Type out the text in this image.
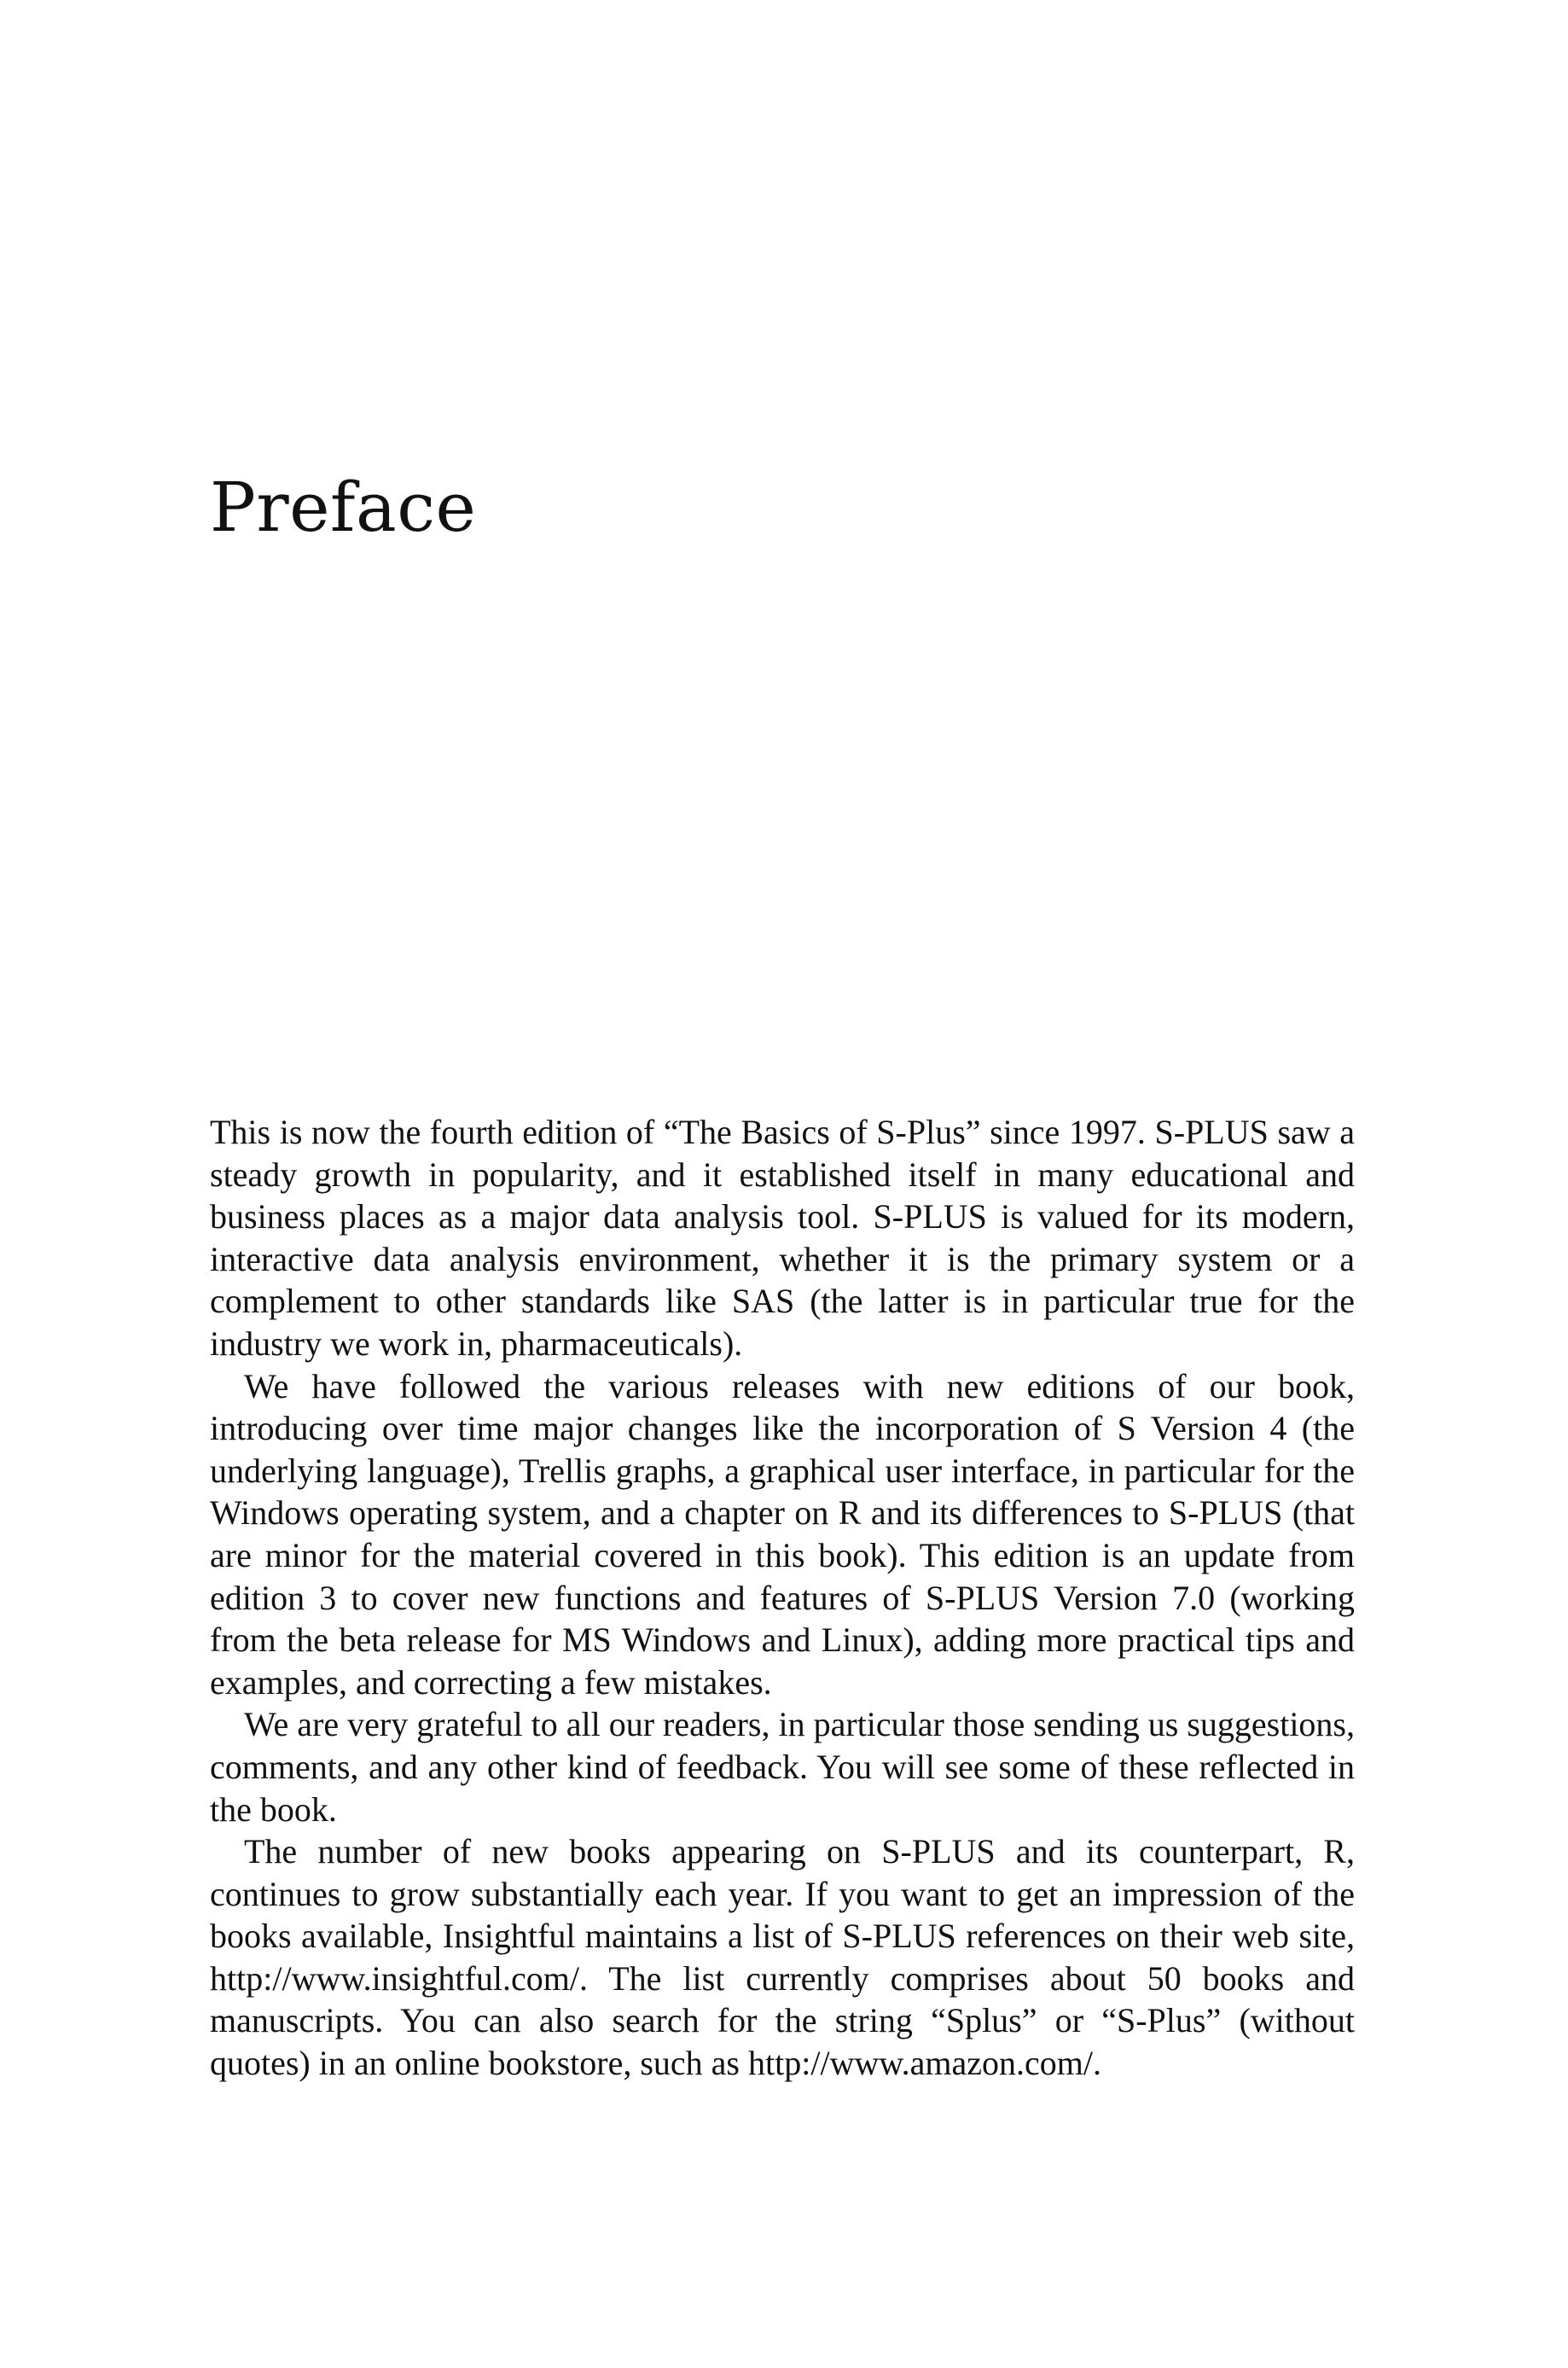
Preface

This is now the fourth edition of “The Basics of S-Plus” since 1997. S-PLUS saw a steady growth in popularity, and it established itself in many educational and business places as a major data analysis tool. S-PLUS is valued for its modern, interactive data analysis environment, whether it is the primary system or a complement to other standards like SAS (the latter is in particular true for the industry we work in, pharmaceuticals).

We have followed the various releases with new editions of our book, introducing over time major changes like the incorporation of S Version 4 (the underlying language), Trellis graphs, a graphical user interface, in particular for the Windows operating system, and a chapter on R and its differences to S-PLUS (that are minor for the material covered in this book). This edition is an update from edition 3 to cover new functions and features of S-PLUS Version 7.0 (working from the beta release for MS Windows and Linux), adding more practical tips and examples, and correcting a few mistakes.

We are very grateful to all our readers, in particular those sending us suggestions, comments, and any other kind of feedback. You will see some of these reflected in the book.

The number of new books appearing on S-PLUS and its counterpart, R, continues to grow substantially each year. If you want to get an impression of the books available, Insightful maintains a list of S-PLUS references on their web site, http://www.insightful.com/. The list currently comprises about 50 books and manuscripts. You can also search for the string “Splus” or “S-Plus” (without quotes) in an online bookstore, such as http://www.amazon.com/.
